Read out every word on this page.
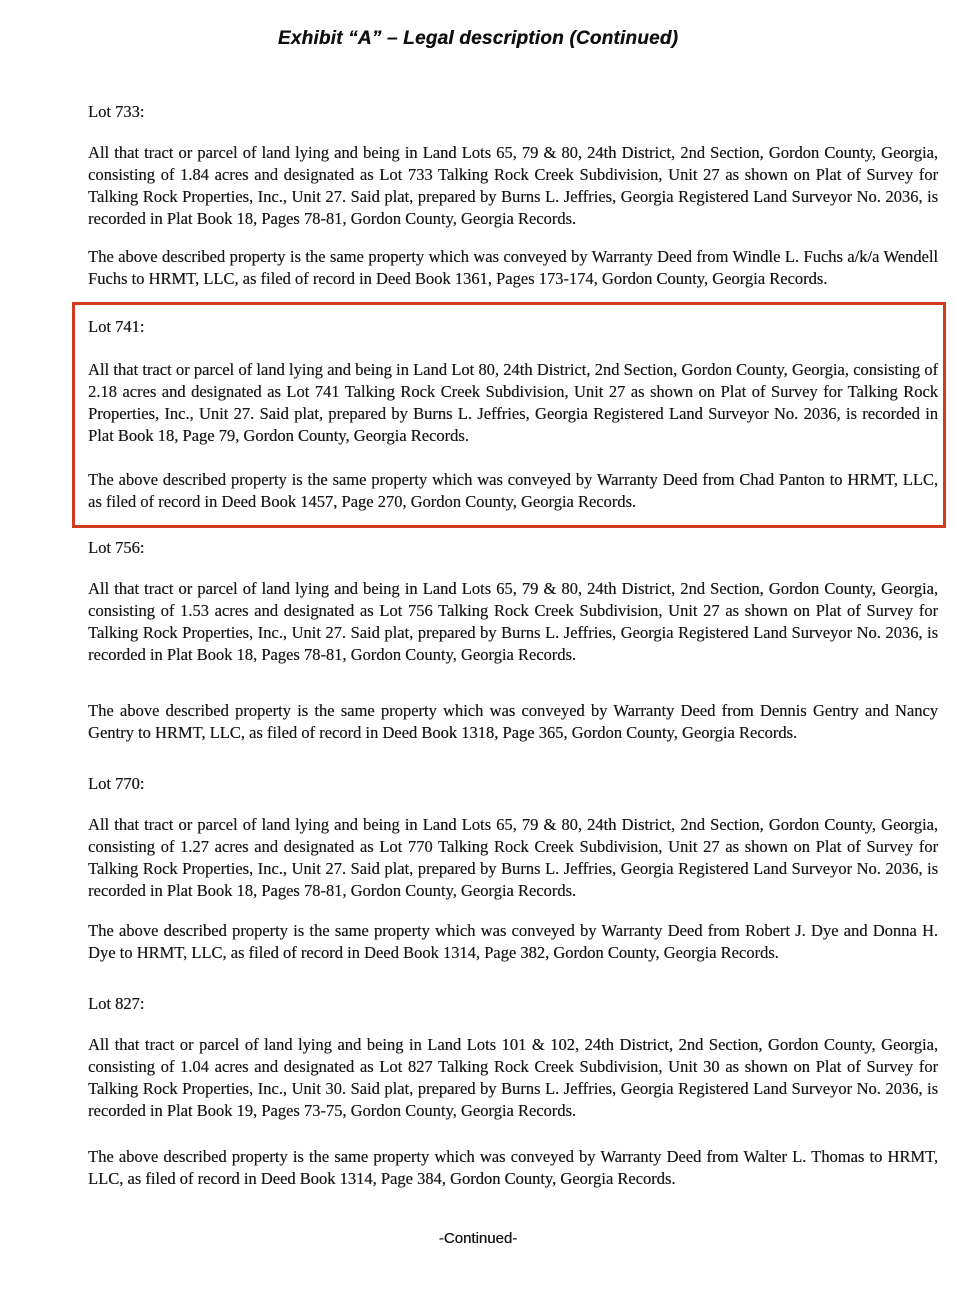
Exhibit “A” – Legal description (Continued)

Lot 733:

All that tract or parcel of land lying and being in Land Lots 65, 79 & 80, 24th District, 2nd Section, Gordon County, Georgia, consisting of 1.84 acres and designated as Lot 733 Talking Rock Creek Subdivision, Unit 27 as shown on Plat of Survey for Talking Rock Properties, Inc., Unit 27. Said plat, prepared by Burns L. Jeffries, Georgia Registered Land Surveyor No. 2036, is recorded in Plat Book 18, Pages 78-81, Gordon County, Georgia Records.

The above described property is the same property which was conveyed by Warranty Deed from Windle L. Fuchs a/k/a Wendell Fuchs to HRMT, LLC, as filed of record in Deed Book 1361, Pages 173-174, Gordon County, Georgia Records.

Lot 741:

All that tract or parcel of land lying and being in Land Lot 80, 24th District, 2nd Section, Gordon County, Georgia, consisting of 2.18 acres and designated as Lot 741 Talking Rock Creek Subdivision, Unit 27 as shown on Plat of Survey for Talking Rock Properties, Inc., Unit 27. Said plat, prepared by Burns L. Jeffries, Georgia Registered Land Surveyor No. 2036, is recorded in Plat Book 18, Page 79, Gordon County, Georgia Records.

The above described property is the same property which was conveyed by Warranty Deed from Chad Panton to HRMT, LLC, as filed of record in Deed Book 1457, Page 270, Gordon County, Georgia Records.

Lot 756:

All that tract or parcel of land lying and being in Land Lots 65, 79 & 80, 24th District, 2nd Section, Gordon County, Georgia, consisting of 1.53 acres and designated as Lot 756 Talking Rock Creek Subdivision, Unit 27 as shown on Plat of Survey for Talking Rock Properties, Inc., Unit 27. Said plat, prepared by Burns L. Jeffries, Georgia Registered Land Surveyor No. 2036, is recorded in Plat Book 18, Pages 78-81, Gordon County, Georgia Records.

The above described property is the same property which was conveyed by Warranty Deed from Dennis Gentry and Nancy Gentry to HRMT, LLC, as filed of record in Deed Book 1318, Page 365, Gordon County, Georgia Records.

Lot 770:

All that tract or parcel of land lying and being in Land Lots 65, 79 & 80, 24th District, 2nd Section, Gordon County, Georgia, consisting of 1.27 acres and designated as Lot 770 Talking Rock Creek Subdivision, Unit 27 as shown on Plat of Survey for Talking Rock Properties, Inc., Unit 27. Said plat, prepared by Burns L. Jeffries, Georgia Registered Land Surveyor No. 2036, is recorded in Plat Book 18, Pages 78-81, Gordon County, Georgia Records.

The above described property is the same property which was conveyed by Warranty Deed from Robert J. Dye and Donna H. Dye to HRMT, LLC, as filed of record in Deed Book 1314, Page 382, Gordon County, Georgia Records.

Lot 827:

All that tract or parcel of land lying and being in Land Lots 101 & 102, 24th District, 2nd Section, Gordon County, Georgia, consisting of 1.04 acres and designated as Lot 827 Talking Rock Creek Subdivision, Unit 30 as shown on Plat of Survey for Talking Rock Properties, Inc., Unit 30. Said plat, prepared by Burns L. Jeffries, Georgia Registered Land Surveyor No. 2036, is recorded in Plat Book 19, Pages 73-75, Gordon County, Georgia Records.

The above described property is the same property which was conveyed by Warranty Deed from Walter L. Thomas to HRMT, LLC, as filed of record in Deed Book 1314, Page 384, Gordon County, Georgia Records.

-Continued-
